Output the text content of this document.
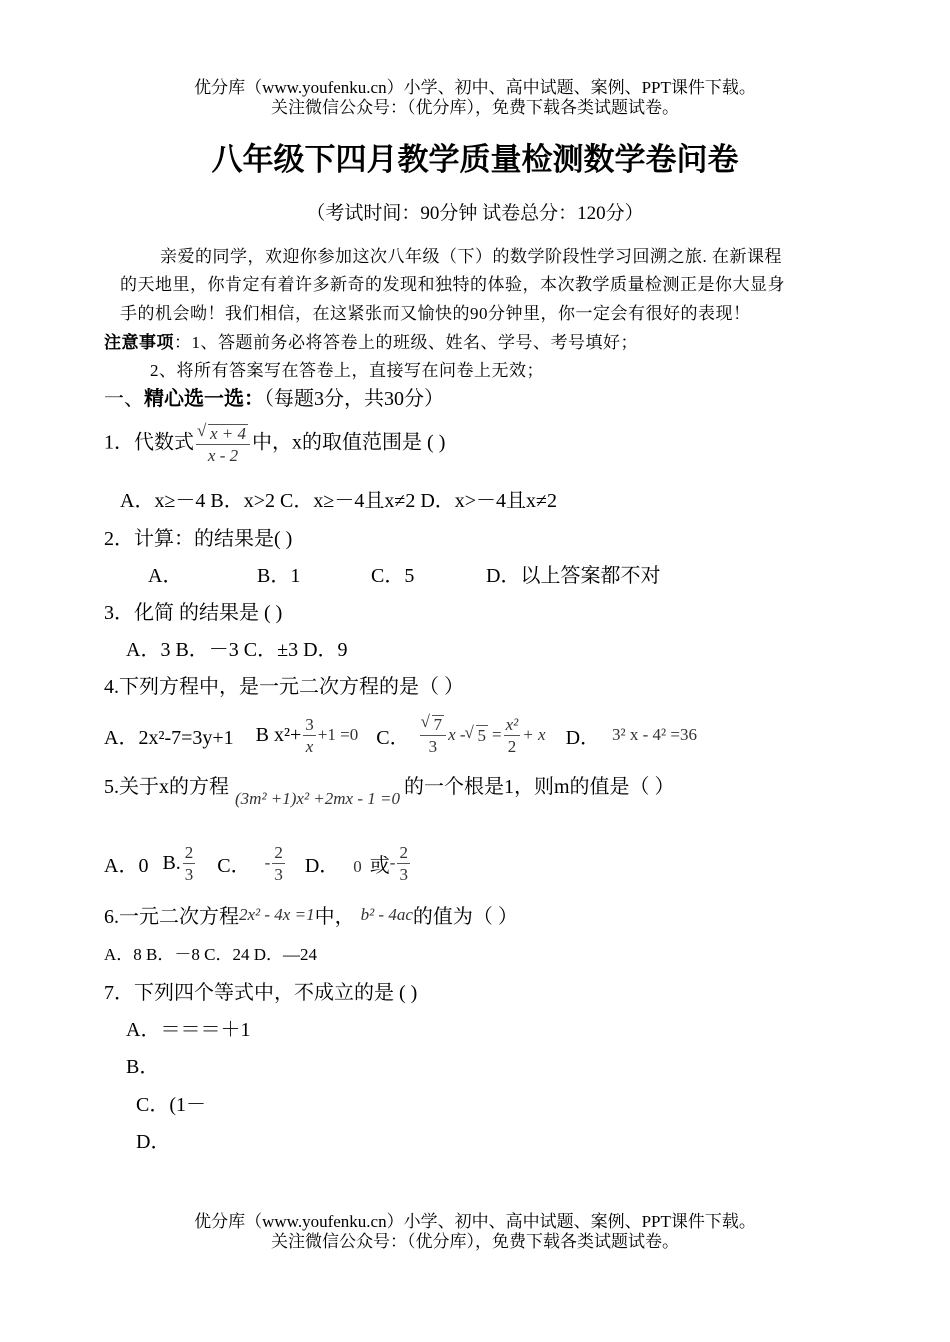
优分库（www.youfenku.cn）小学、初中、高中试题、案例、PPT课件下载。
关注微信公众号：（优分库），免费下载各类试题试卷。
八年级下四月教学质量检测数学卷问卷
（考试时间：90分钟 试卷总分：120分）
亲爱的同学，欢迎你参加这次八年级（下）的数学阶段性学习回溯之旅. 在新课程
的天地里，你肯定有着许多新奇的发现和独特的体验，本次教学质量检测正是你大显身
手的机会呦！我们相信，在这紧张而又愉快的90分钟里，你一定会有很好的表现！
注意事项：1、答题前务必将答卷上的班级、姓名、学号、考号填好；
2、将所有答案写在答卷上，直接写在问卷上无效；
一、精心选一选：（每题3分，共30分）
1．代数式 √ $\frac{x + 4}{x - 2}$ 中，x的取值范围是 ( )
A．x≥－4 B．x>2 C．x≥－4且x≠2 D．x>－4且x≠2
2．计算：的结果是( )
A．	B．1	C．5	D．以上答案都不对
3．化简 的结果是 ( )
A．3 B．－3 C．±3 D．9
4.下列方程中，是一元二次方程的是（ ）
A．2x²-7=3y+1 B $x^2+ \frac{3}{x} +1 =0$ C． √ $\frac{7}{3}$ x - √ $5 = \frac{\text{x²}}{2} + x$ D． 3² x - 4² =36
5.关于x的方程 (3m² +1)x² +2mx - 1 =0 的一个根是1，则m的值是（ ）
A．0 B. $\frac{2}{3}$ C． - $\frac{2}{3}$ D． 0 或 - $\frac{2}{3}$
6.一元二次方程 2x² - 4x =1 中， b² - 4ac 的值为（ ）
A．8 B．－8 C．24 D．—24
7．下列四个等式中，不成立的是 ( )
A．＝＝＝＋1
B．
C．(1－
D．
优分库（www.youfenku.cn）小学、初中、高中试题、案例、PPT课件下载。
关注微信公众号：（优分库），免费下载各类试题试卷。
